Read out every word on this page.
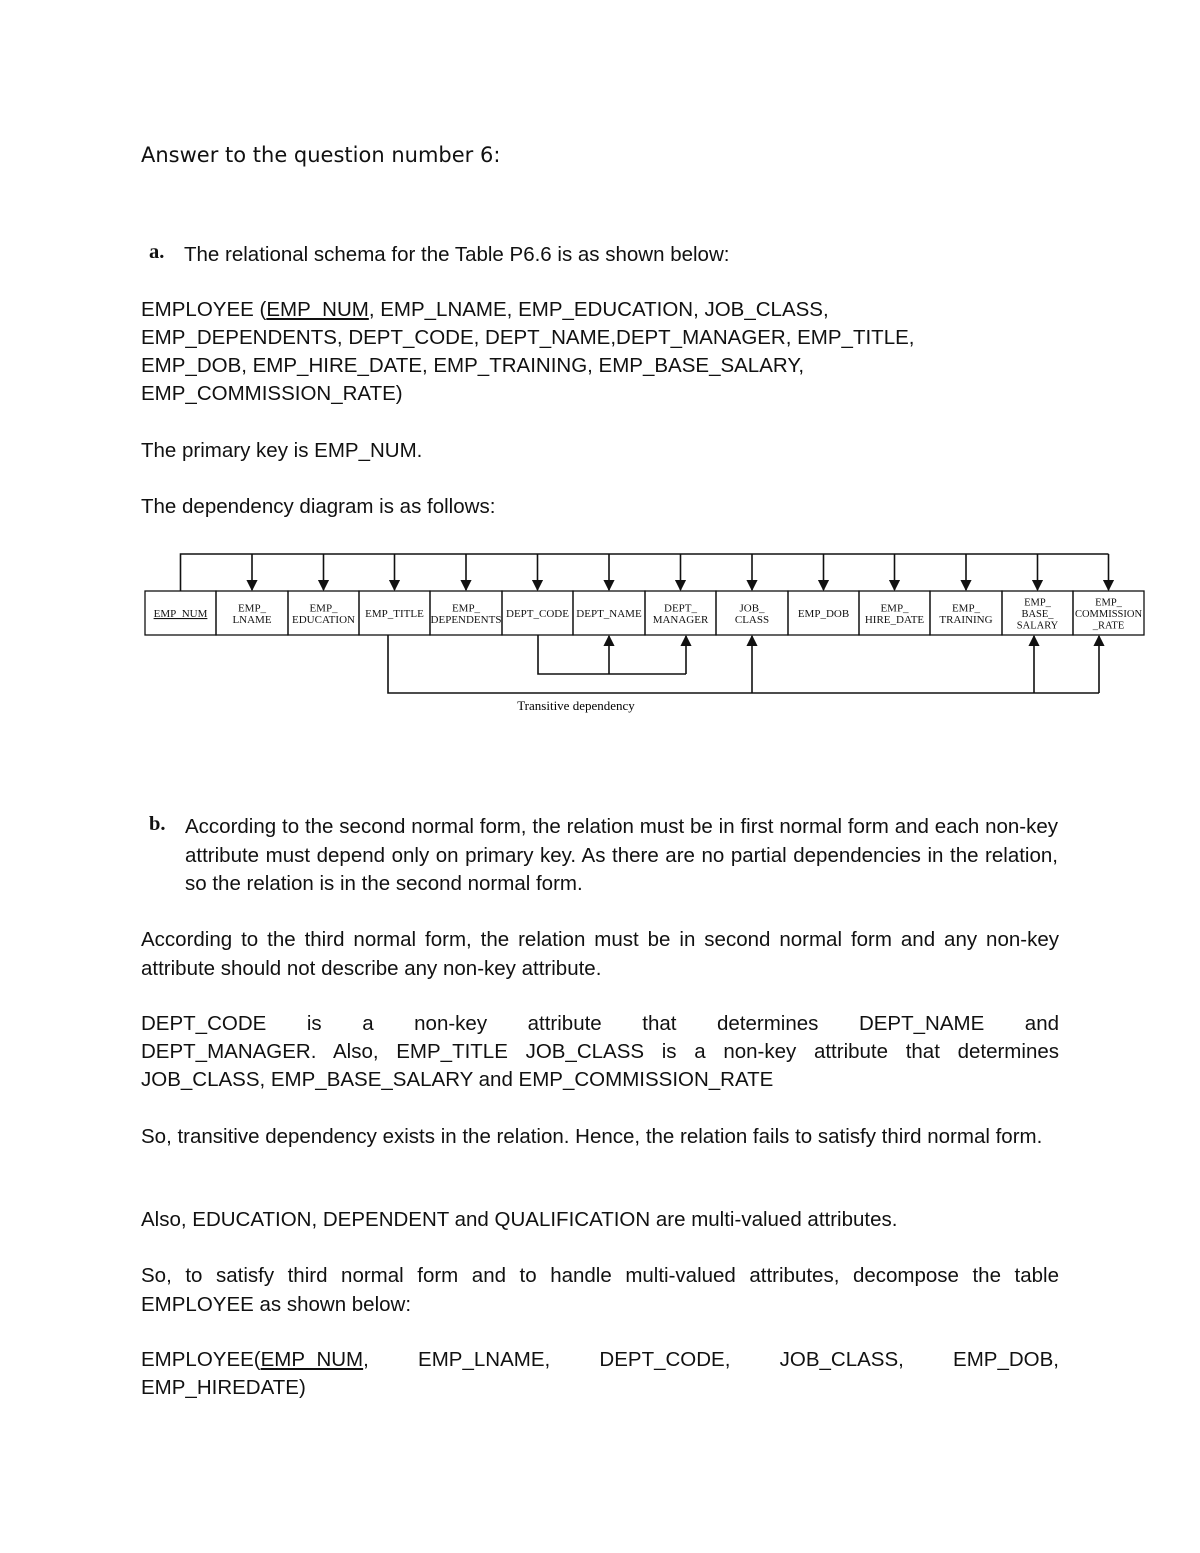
Answer to the question number 6:
a. The relational schema for the Table P6.6 is as shown below:

EMPLOYEE (EMP_NUM, EMP_LNAME, EMP_EDUCATION, JOB_CLASS,

EMP_DEPENDENTS, DEPT_CODE, DEPT_NAME,DEPT_MANAGER, EMP_TITLE,

EMP_DOB, EMP_HIRE_DATE, EMP_TRAINING, EMP_BASE_SALARY,

EMP_COMMISSION_RATE)

The primary key is EMP_NUM.

The dependency diagram is as follows:

EMP_NUM	EMP_
LNAME
EMP_
EDUCATION EMP_TITLE	EMP_
DEPENDENTS DEPT_CODE DEPT_NAME DEPT_
MANAGER
JOB_
CLASS	EMP_DOB	EMP_
HIRE_DATE
EMP_
TRAINING
EMP_
BASE_
SALARY
EMP_
COMMISSION
_RATE
Transitive dependency
b. According to the second normal form, the relation must be in first normal form and each non-key attribute must depend only on primary key. As there are no partial dependencies in the relation, so the relation is in the second normal form.

According to the third normal form, the relation must be in second normal form and any non-key attribute should not describe any non-key attribute.

DEPT_CODE is a non-key attribute that determines DEPT_NAME and

DEPT_MANAGER. Also, EMP_TITLE JOB_CLASS is a non-key attribute that determines

JOB_CLASS, EMP_BASE_SALARY and EMP_COMMISSION_RATE

So, transitive dependency exists in the relation. Hence, the relation fails to satisfy third normal form.

Also, EDUCATION, DEPENDENT and QUALIFICATION are multi-valued attributes.

So, to satisfy third normal form and to handle multi-valued attributes, decompose the table EMPLOYEE as shown below:

EMPLOYEE(EMP_NUM, EMP_LNAME, DEPT_CODE, JOB_CLASS, EMP_DOB,

EMP_HIREDATE)
